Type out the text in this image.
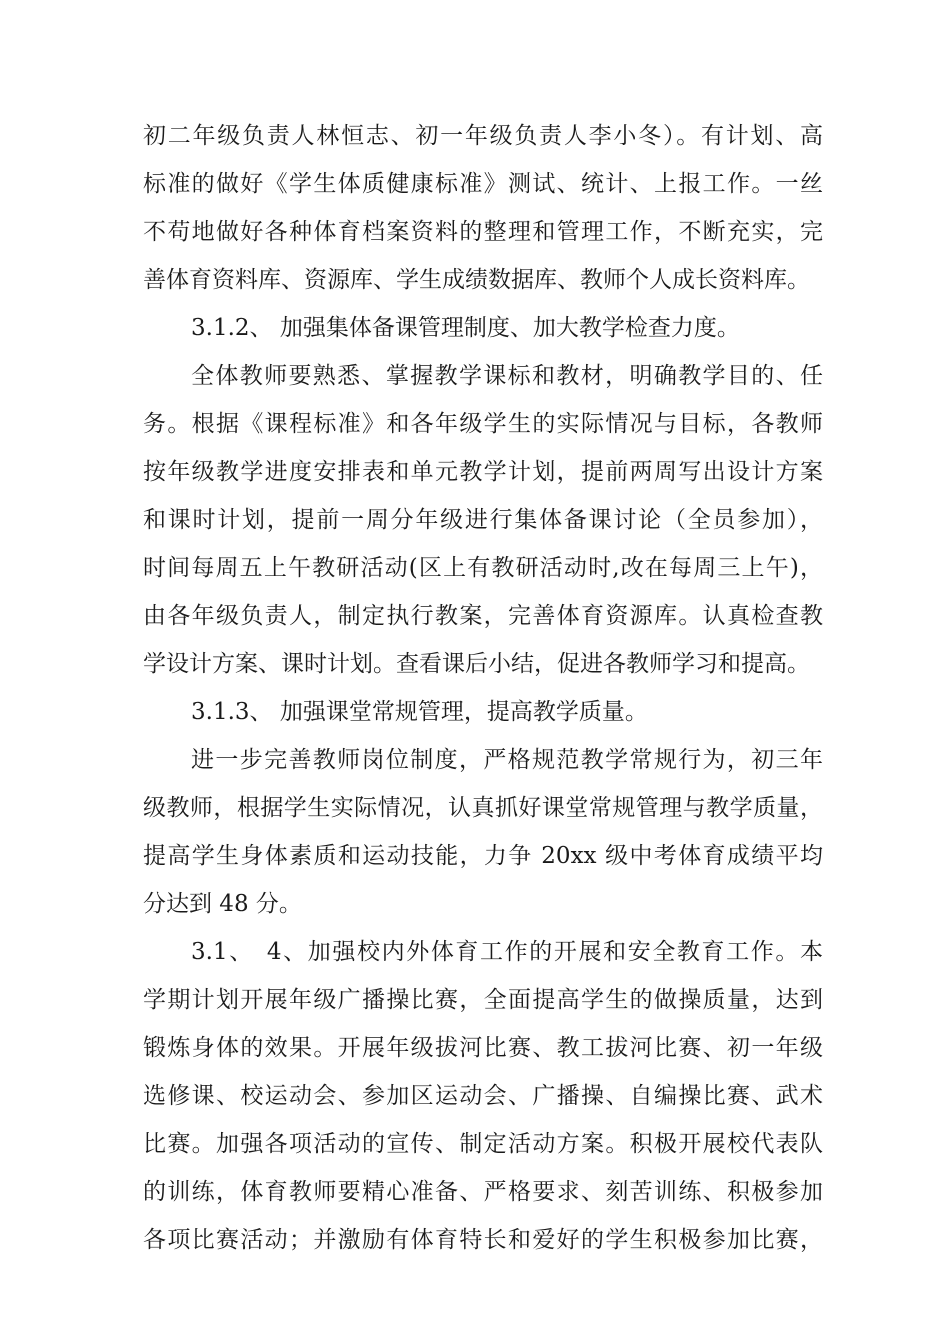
初二年级负责人林恒志、初一年级负责人李小冬）。有计划、高
标准的做好《学生体质健康标准》测试、统计、上报工作。一丝
不苟地做好各种体育档案资料的整理和管理工作，不断充实，完
善体育资料库、资源库、学生成绩数据库、教师个人成长资料库。
3.1.2、 加强集体备课管理制度、加大教学检查力度。
全体教师要熟悉、掌握教学课标和教材，明确教学目的、任
务。根据《课程标准》和各年级学生的实际情况与目标，各教师
按年级教学进度安排表和单元教学计划，提前两周写出设计方案
和课时计划，提前一周分年级进行集体备课讨论（全员参加），
时间每周五上午教研活动(区上有教研活动时,改在每周三上午)，
由各年级负责人，制定执行教案，完善体育资源库。认真检查教
学设计方案、课时计划。查看课后小结，促进各教师学习和提高。
3.1.3、 加强课堂常规管理，提高教学质量。
进一步完善教师岗位制度，严格规范教学常规行为，初三年
级教师，根据学生实际情况，认真抓好课堂常规管理与教学质量，
提高学生身体素质和运动技能，力争 20xx 级中考体育成绩平均
分达到 48 分。
3.1、　4、加强校内外体育工作的开展和安全教育工作。本
学期计划开展年级广播操比赛，全面提高学生的做操质量，达到
锻炼身体的效果。开展年级拔河比赛、教工拔河比赛、初一年级
选修课、校运动会、参加区运动会、广播操、自编操比赛、武术
比赛。加强各项活动的宣传、制定活动方案。积极开展校代表队
的训练，体育教师要精心准备、严格要求、刻苦训练、积极参加
各项比赛活动；并激励有体育特长和爱好的学生积极参加比赛，
